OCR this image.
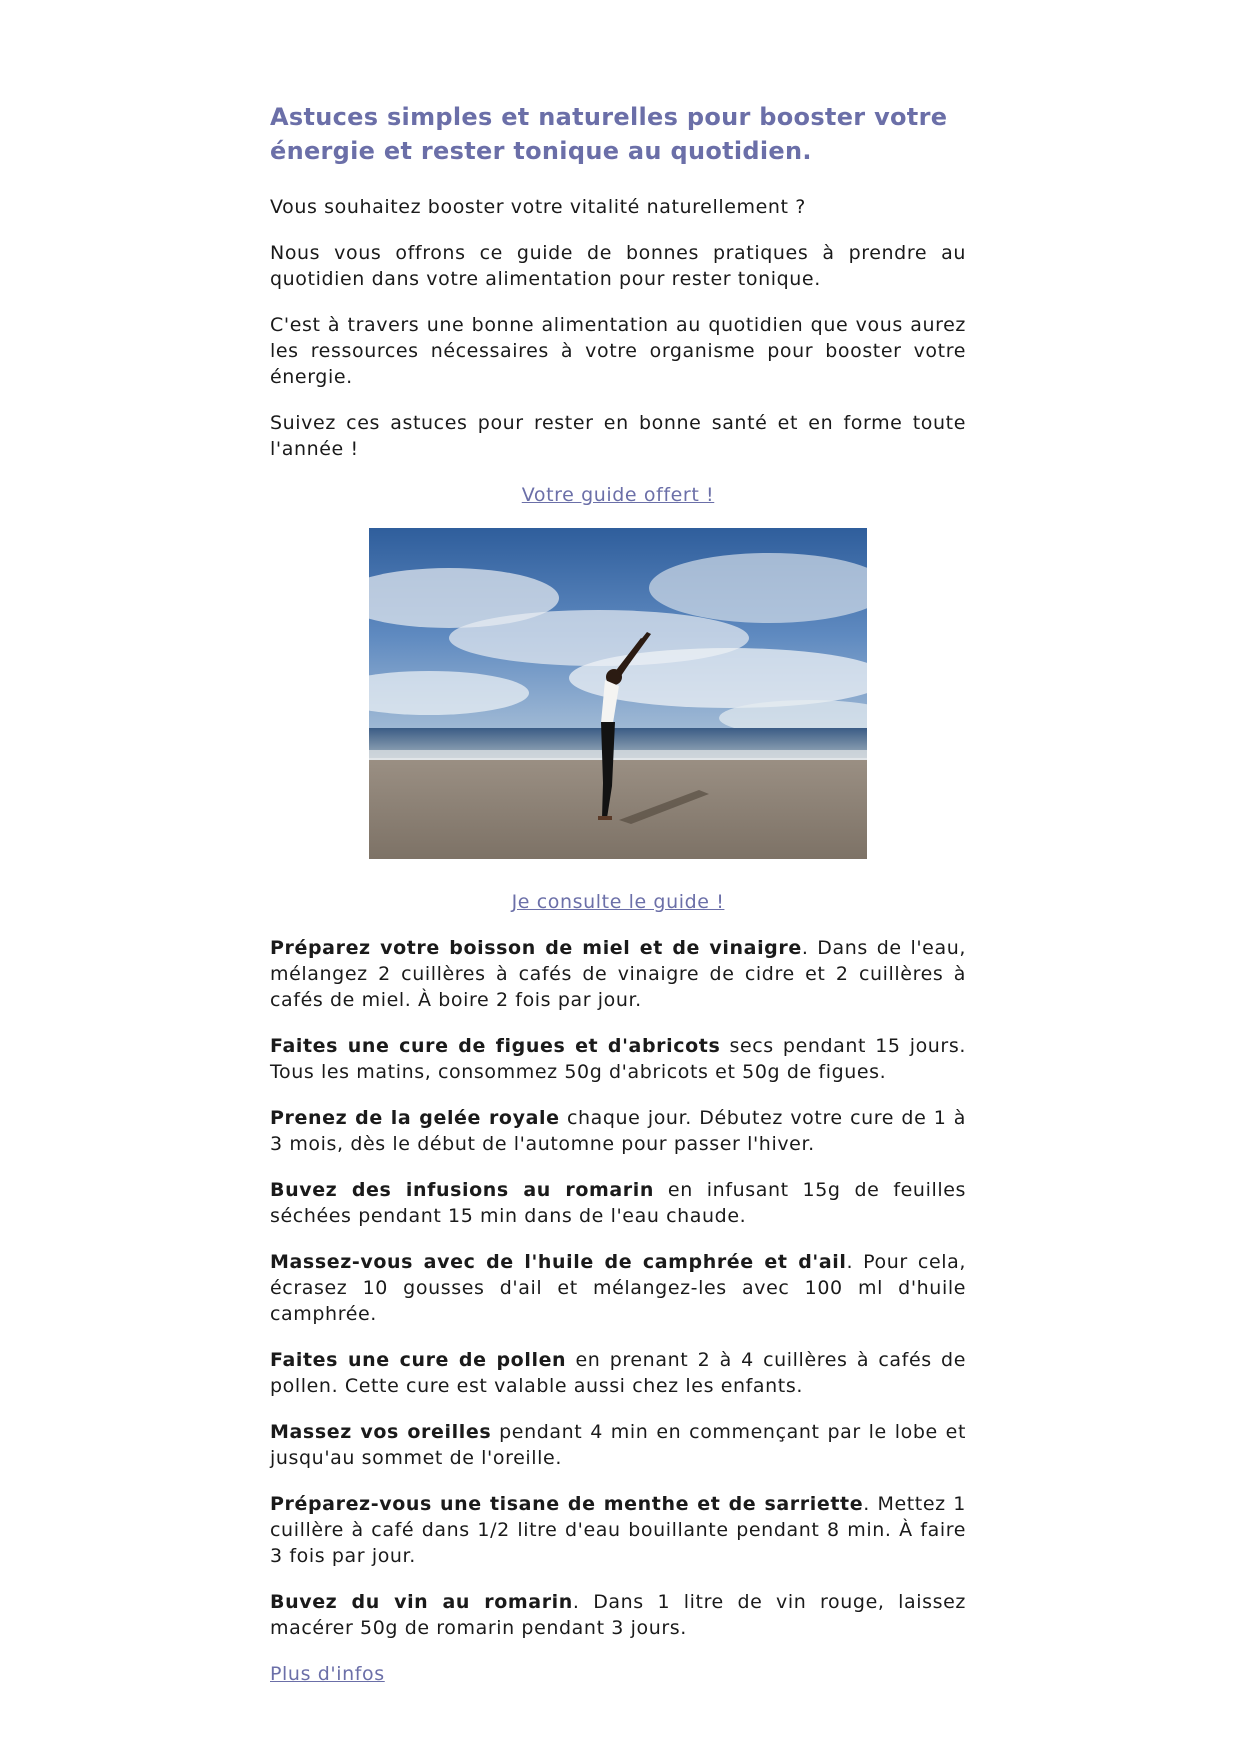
Astuces simples et naturelles pour booster votre énergie et rester tonique au quotidien.

Vous souhaitez booster votre vitalité naturellement ?

Nous vous offrons ce guide de bonnes pratiques à prendre au quotidien dans votre alimentation pour rester tonique.

C'est à travers une bonne alimentation au quotidien que vous aurez les ressources nécessaires à votre organisme pour booster votre énergie.

Suivez ces astuces pour rester en bonne santé et en forme toute l'année !

Votre guide offert !
Je consulte le guide !

Préparez votre boisson de miel et de vinaigre. Dans de l'eau, mélangez 2 cuillères à cafés de vinaigre de cidre et 2 cuillères à cafés de miel. À boire 2 fois par jour.

Faites une cure de figues et d'abricots secs pendant 15 jours. Tous les matins, consommez 50g d'abricots et 50g de figues.

Prenez de la gelée royale chaque jour. Débutez votre cure de 1 à 3 mois, dès le début de l'automne pour passer l'hiver.

Buvez des infusions au romarin en infusant 15g de feuilles séchées pendant 15 min dans de l'eau chaude.

Massez-vous avec de l'huile de camphrée et d'ail. Pour cela, écrasez 10 gousses d'ail et mélangez-les avec 100 ml d'huile camphrée.

Faites une cure de pollen en prenant 2 à 4 cuillères à cafés de pollen. Cette cure est valable aussi chez les enfants.

Massez vos oreilles pendant 4 min en commençant par le lobe et jusqu'au sommet de l'oreille.

Préparez-vous une tisane de menthe et de sarriette. Mettez 1 cuillère à café dans 1/2 litre d'eau bouillante pendant 8 min. À faire 3 fois par jour.

Buvez du vin au romarin. Dans 1 litre de vin rouge, laissez macérer 50g de romarin pendant 3 jours.

Plus d'infos
